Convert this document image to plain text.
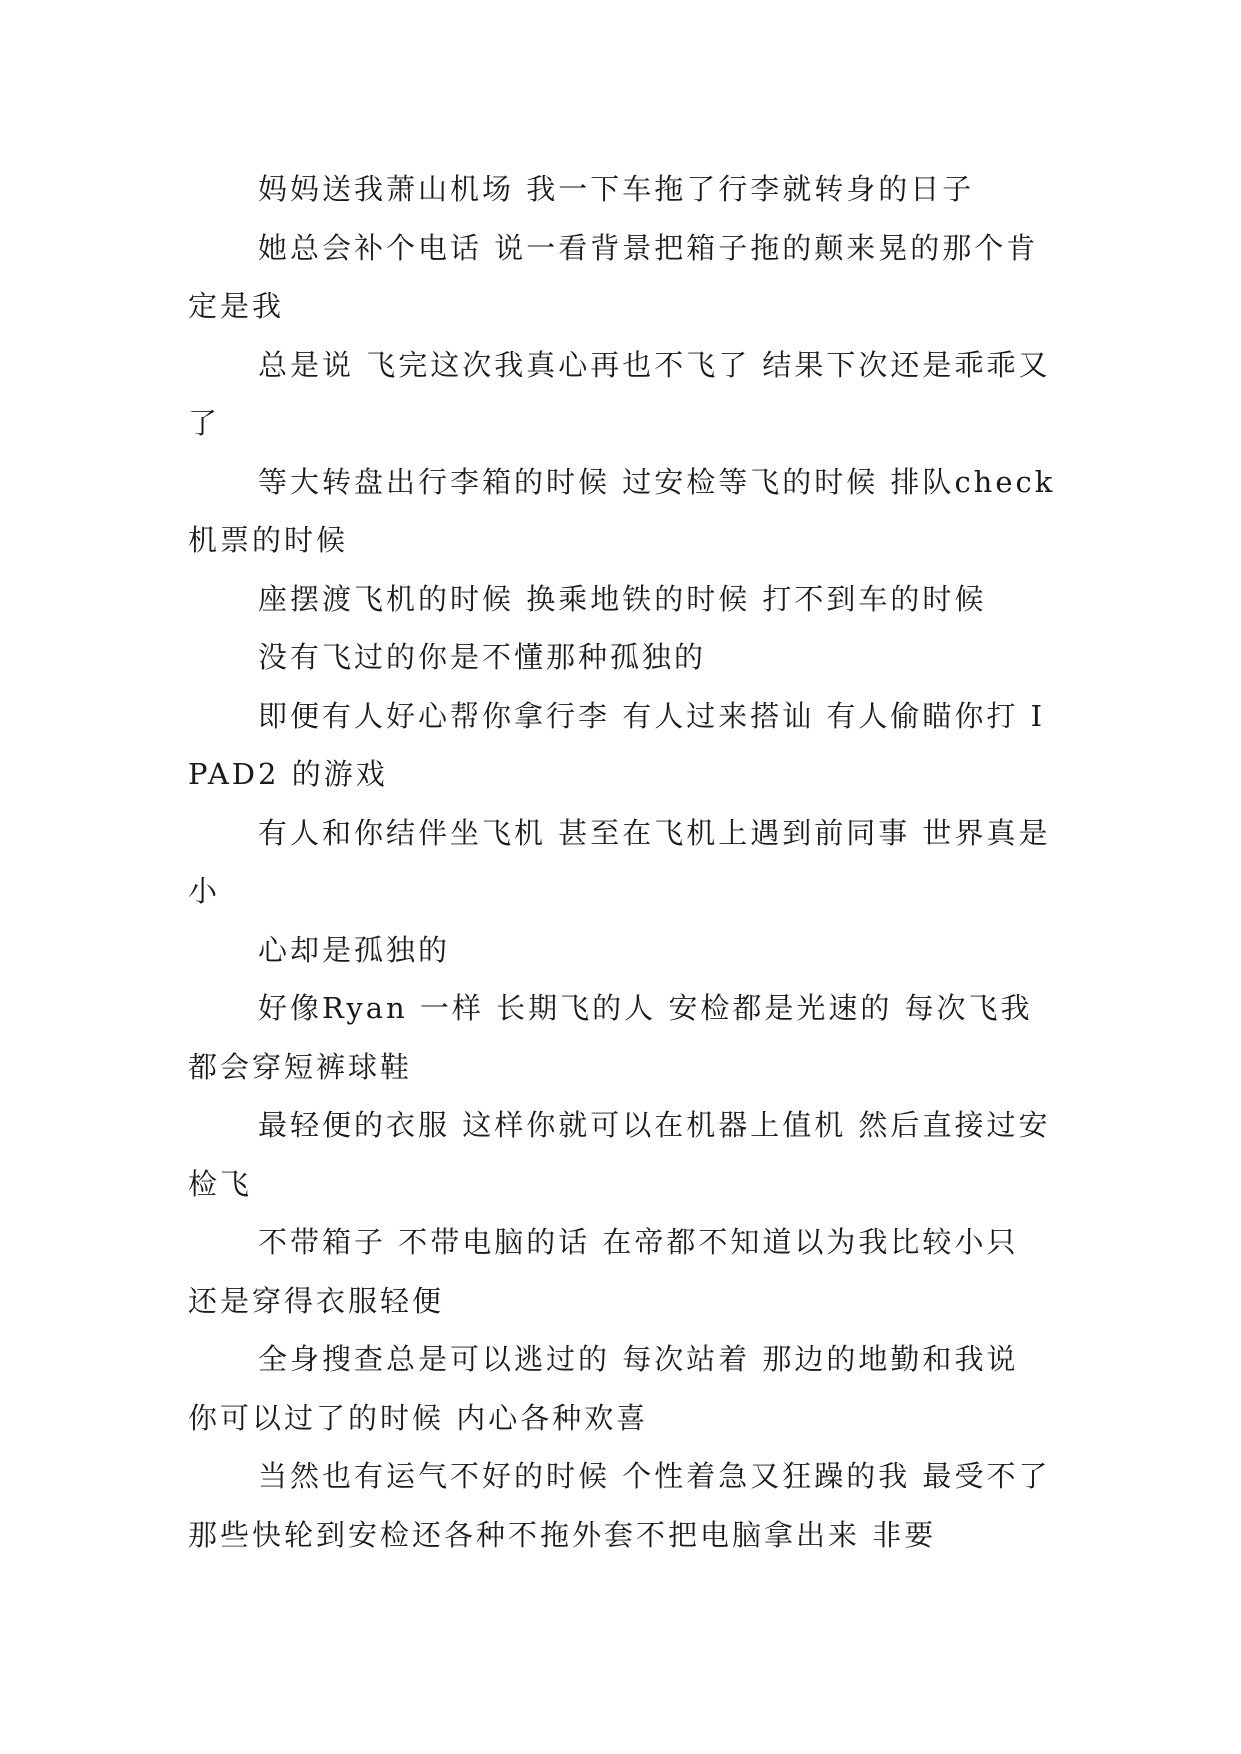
妈妈送我萧山机场 我一下车拖了行李就转身的日子

她总会补个电话 说一看背景把箱子拖的颠来晃的那个肯定是我

总是说 飞完这次我真心再也不飞了 结果下次还是乖乖又了

等大转盘出行李箱的时候 过安检等飞的时候 排队check 机票的时候

座摆渡飞机的时候 换乘地铁的时候 打不到车的时候

没有飞过的你是不懂那种孤独的

即便有人好心帮你拿行李 有人过来搭讪 有人偷瞄你打 IPAD2 的游戏

有人和你结伴坐飞机 甚至在飞机上遇到前同事 世界真是小

心却是孤独的

好像Ryan 一样 长期飞的人 安检都是光速的 每次飞我都会穿短裤球鞋

最轻便的衣服 这样你就可以在机器上值机 然后直接过安检飞

不带箱子 不带电脑的话 在帝都不知道以为我比较小只 还是穿得衣服轻便

全身搜查总是可以逃过的 每次站着 那边的地勤和我说 你可以过了的时候 内心各种欢喜

当然也有运气不好的时候 个性着急又狂躁的我 最受不了那些快轮到安检还各种不拖外套不把电脑拿出来 非要
